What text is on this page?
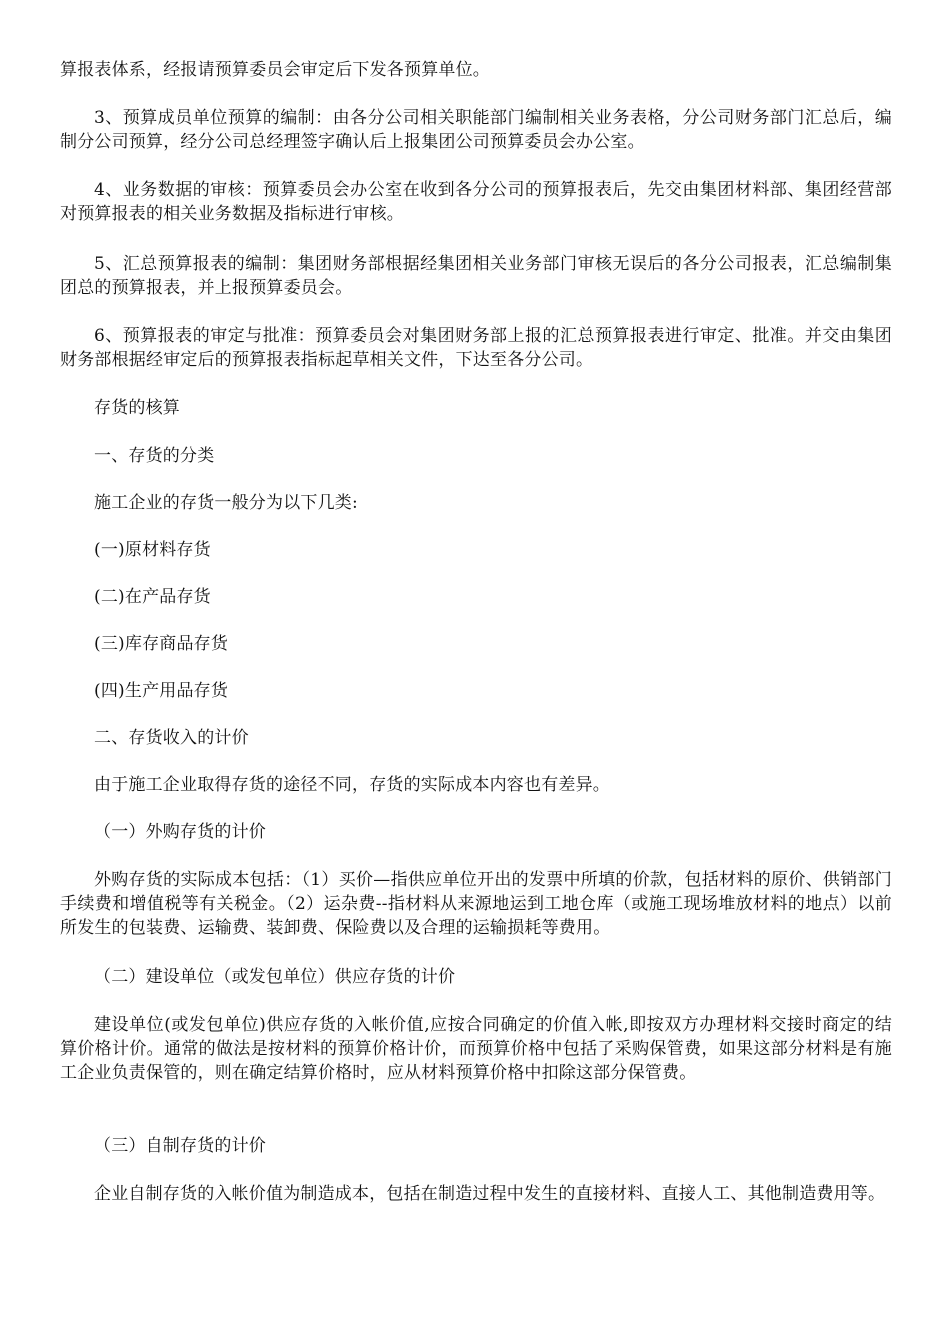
算报表体系，经报请预算委员会审定后下发各预算单位。

3、预算成员单位预算的编制：由各分公司相关职能部门编制相关业务表格，分公司财务部门汇总后，编制分公司预算，经分公司总经理签字确认后上报集团公司预算委员会办公室。

4、业务数据的审核：预算委员会办公室在收到各分公司的预算报表后，先交由集团材料部、集团经营部对预算报表的相关业务数据及指标进行审核。

5、汇总预算报表的编制：集团财务部根据经集团相关业务部门审核无误后的各分公司报表，汇总编制集团总的预算报表，并上报预算委员会。

6、预算报表的审定与批准：预算委员会对集团财务部上报的汇总预算报表进行审定、批准。并交由集团财务部根据经审定后的预算报表指标起草相关文件，下达至各分公司。

存货的核算

一、存货的分类

施工企业的存货一般分为以下几类:

(一)原材料存货

(二)在产品存货

(三)库存商品存货

(四)生产用品存货

二、存货收入的计价

由于施工企业取得存货的途径不同，存货的实际成本内容也有差异。

（一）外购存货的计价

外购存货的实际成本包括：（1）买价—指供应单位开出的发票中所填的价款，包括材料的原价、供销部门手续费和增值税等有关税金。（2）运杂费--指材料从来源地运到工地仓库（或施工现场堆放材料的地点）以前所发生的包装费、运输费、装卸费、保险费以及合理的运输损耗等费用。

（二）建设单位（或发包单位）供应存货的计价

建设单位(或发包单位)供应存货的入帐价值,应按合同确定的价值入帐,即按双方办理材料交接时商定的结算价格计价。通常的做法是按材料的预算价格计价，而预算价格中包括了采购保管费，如果这部分材料是有施工企业负责保管的，则在确定结算价格时，应从材料预算价格中扣除这部分保管费。

（三）自制存货的计价

企业自制存货的入帐价值为制造成本，包括在制造过程中发生的直接材料、直接人工、其他制造费用等。
